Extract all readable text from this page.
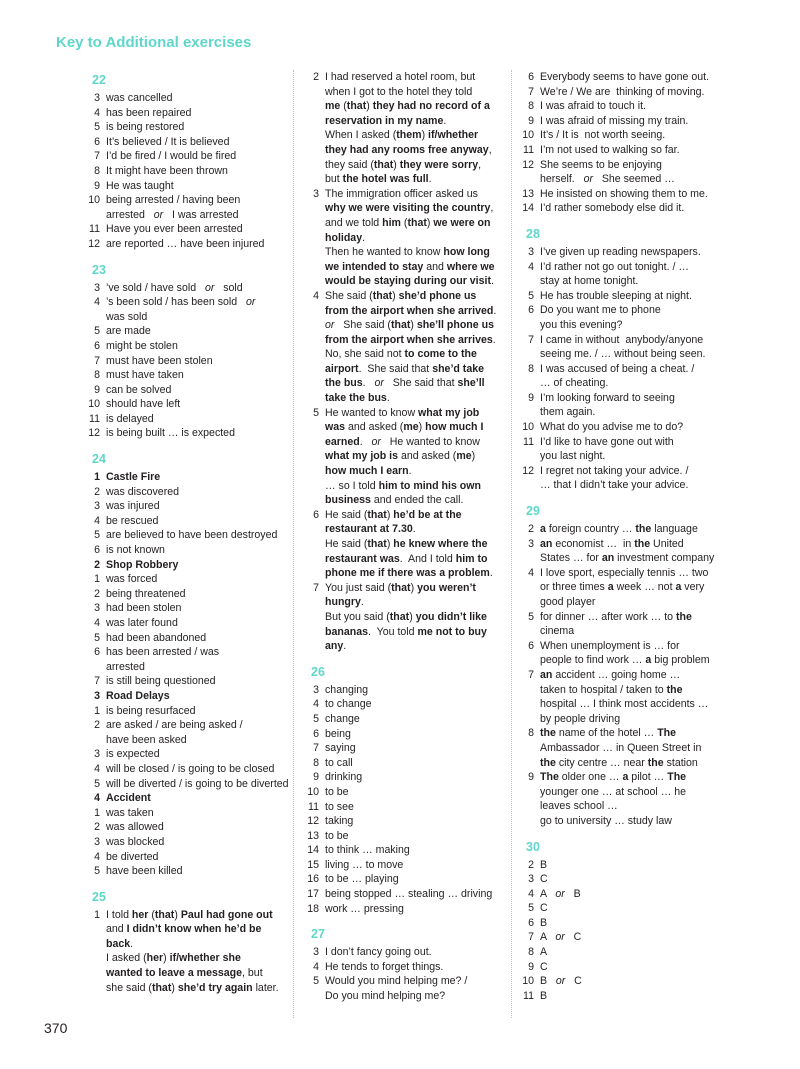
Key to Additional exercises
22
3 was cancelled
4 has been repaired
5 is being restored
6 It’s believed / It is believed
7 I’d be fired / I would be fired
8 It might have been thrown
9 He was taught
10 being arrested / having been
arrested   or   I was arrested
11 Have you ever been arrested
12 are reported … have been injured
23
3 ’ve sold / have sold   or   sold
4 ’s been sold / has been sold   or
was sold
5 are made
6 might be stolen
7 must have been stolen
8 must have taken
9 can be solved
10 should have left
11 is delayed
12 is being built … is expected
24
1 Castle Fire
2 was discovered
3 was injured
4 be rescued
5 are believed to have been destroyed
6 is not known
2 Shop Robbery
1 was forced
2 being threatened
3 had been stolen
4 was later found
5 had been abandoned
6 has been arrested / was
arrested
7 is still being questioned
3 Road Delays
1 is being resurfaced
2 are asked / are being asked /
have been asked
3 is expected
4 will be closed / is going to be closed
5 will be diverted / is going to be diverted
4 Accident
1 was taken
2 was allowed
3 was blocked
4 be diverted
5 have been killed
25
1 I told her (that) Paul had gone out
and I didn’t know when he’d be
back.
I asked (her) if/whether she
wanted to leave a message, but
she said (that) she’d try again later.
2 I had reserved a hotel room, but
when I got to the hotel they told
me (that) they had no record of a
reservation in my name.
When I asked (them) if/whether
they had any rooms free anyway,
they said (that) they were sorry,
but the hotel was full.
3 The immigration officer asked us
why we were visiting the country,
and we told him (that) we were on
holiday.
Then he wanted to know how long
we intended to stay and where we
would be staying during our visit.
4 She said (that) she’d phone us
from the airport when she arrived.
or   She said (that) she’ll phone us
from the airport when she arrives.
No, she said not to come to the
airport.  She said that she’d take
the bus.   or   She said that she’ll
take the bus.
5 He wanted to know what my job
was and asked (me) how much I
earned.   or   He wanted to know
what my job is and asked (me)
how much I earn.
… so I told him to mind his own
business and ended the call.
6 He said (that) he’d be at the
restaurant at 7.30.
He said (that) he knew where the
restaurant was.  And I told him to
phone me if there was a problem.
7 You just said (that) you weren’t
hungry.
But you said (that) you didn’t like
bananas.  You told me not to buy
any.
26
3 changing
4 to change
5 change
6 being
7 saying
8 to call
9 drinking
10 to be
11 to see
12 taking
13 to be
14 to think … making
15 living … to move
16 to be … playing
17 being stopped … stealing … driving
18 work … pressing
27
3 I don’t fancy going out.
4 He tends to forget things.
5 Would you mind helping me? /
Do you mind helping me?
6 Everybody seems to have gone out.
7 We’re / We are  thinking of moving.
8 I was afraid to touch it.
9 I was afraid of missing my train.
10 It’s / It is  not worth seeing.
11 I’m not used to walking so far.
12 She seems to be enjoying
herself.   or   She seemed …
13 He insisted on showing them to me.
14 I’d rather somebody else did it.
28
3 I’ve given up reading newspapers.
4 I’d rather not go out tonight. / …
stay at home tonight.
5 He has trouble sleeping at night.
6 Do you want me to phone
you this evening?
7 I came in without  anybody/anyone
seeing me. / … without being seen.
8 I was accused of being a cheat. /
… of cheating.
9 I’m looking forward to seeing
them again.
10 What do you advise me to do?
11 I’d like to have gone out with
you last night.
12 I regret not taking your advice. /
… that I didn’t take your advice.
29
2 a foreign country … the language
3 an economist …  in the United
States … for an investment company
4 I love sport, especially tennis … two
or three times a week … not a very
good player
5 for dinner … after work … to the
cinema
6 When unemployment is … for
people to find work … a big problem
7 an accident … going home …
taken to hospital / taken to the
hospital … I think most accidents …
by people driving
8 the name of the hotel … The
Ambassador … in Queen Street in
the city centre … near the station
9 The older one … a pilot … The
younger one … at school … he
leaves school …
go to university … study law
30
2 B
3 C
4 A   or   B
5 C
6 B
7 A   or   C
8 A
9 C
10 B   or   C
11 B
370
